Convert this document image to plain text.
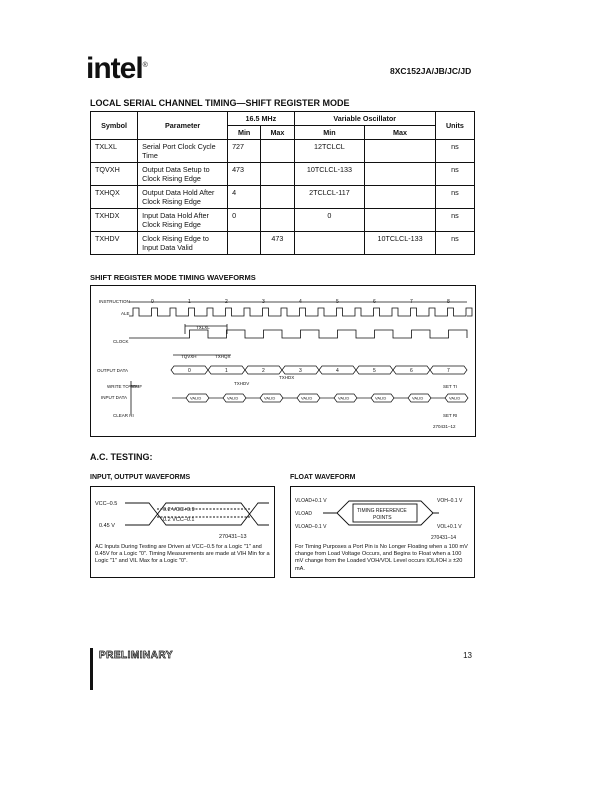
intel®
8XC152JA/JB/JC/JD
LOCAL SERIAL CHANNEL TIMING—SHIFT REGISTER MODE
Symbol	Parameter	16.5 MHz		Variable Oscillator		Units
		Min	Max	Min	Max	
TXLXL	Serial Port Clock Cycle Time	727		12TCLCL		ns
TQVXH	Output Data Setup to Clock Rising Edge	473		10TCLCL-133		ns
TXHQX	Output Data Hold After Clock Rising Edge	4		2TCLCL-117		ns
TXHDX	Input Data Hold After Clock Rising Edge	0		0		ns
TXHDV	Clock Rising Edge to Input Data Valid		473		10TCLCL-133	ns
SHIFT REGISTER MODE TIMING WAVEFORMS
INSTRUCTION
ALE
CLOCK
OUTPUT DATA
WRITE TO SBUF
INPUT DATA
CLEAR RI
SET TI
SET RI
TXLXL
TQVXH	TXHQX
TXHDV
TXHDX
270431–12
0	1	2	3	4	5	6	7	8
0	1	2	3	4	5	6	7
VALID	VALID	VALID	VALID	VALID	VALID	VALID	VALID
A.C. TESTING:
INPUT, OUTPUT WAVEFORMS
VCC–0.5
0.45 V
0.2 VCC+0.9
0.2 VCC–0.1
270431–13
AC Inputs During Testing are Driven at VCC–0.5 for a Logic "1" and 0.45V for a Logic "0". Timing Measurements are made at VIH Min for a Logic "1" and VIL Max for a Logic "0".
FLOAT WAVEFORM
VLOAD+0.1 V
VLOAD
VLOAD–0.1 V
VOH–0.1 V
VOL+0.1 V
TIMING REFERENCE
POINTS
270431–14
For Timing Purposes a Port Pin is No Longer Floating when a 100 mV change from Load Voltage Occurs, and Begins to Float when a 100 mV change from the Loaded VOH/VOL Level occurs IOL/IOH ≥ ±20 mA.
PRELIMINARY	13
